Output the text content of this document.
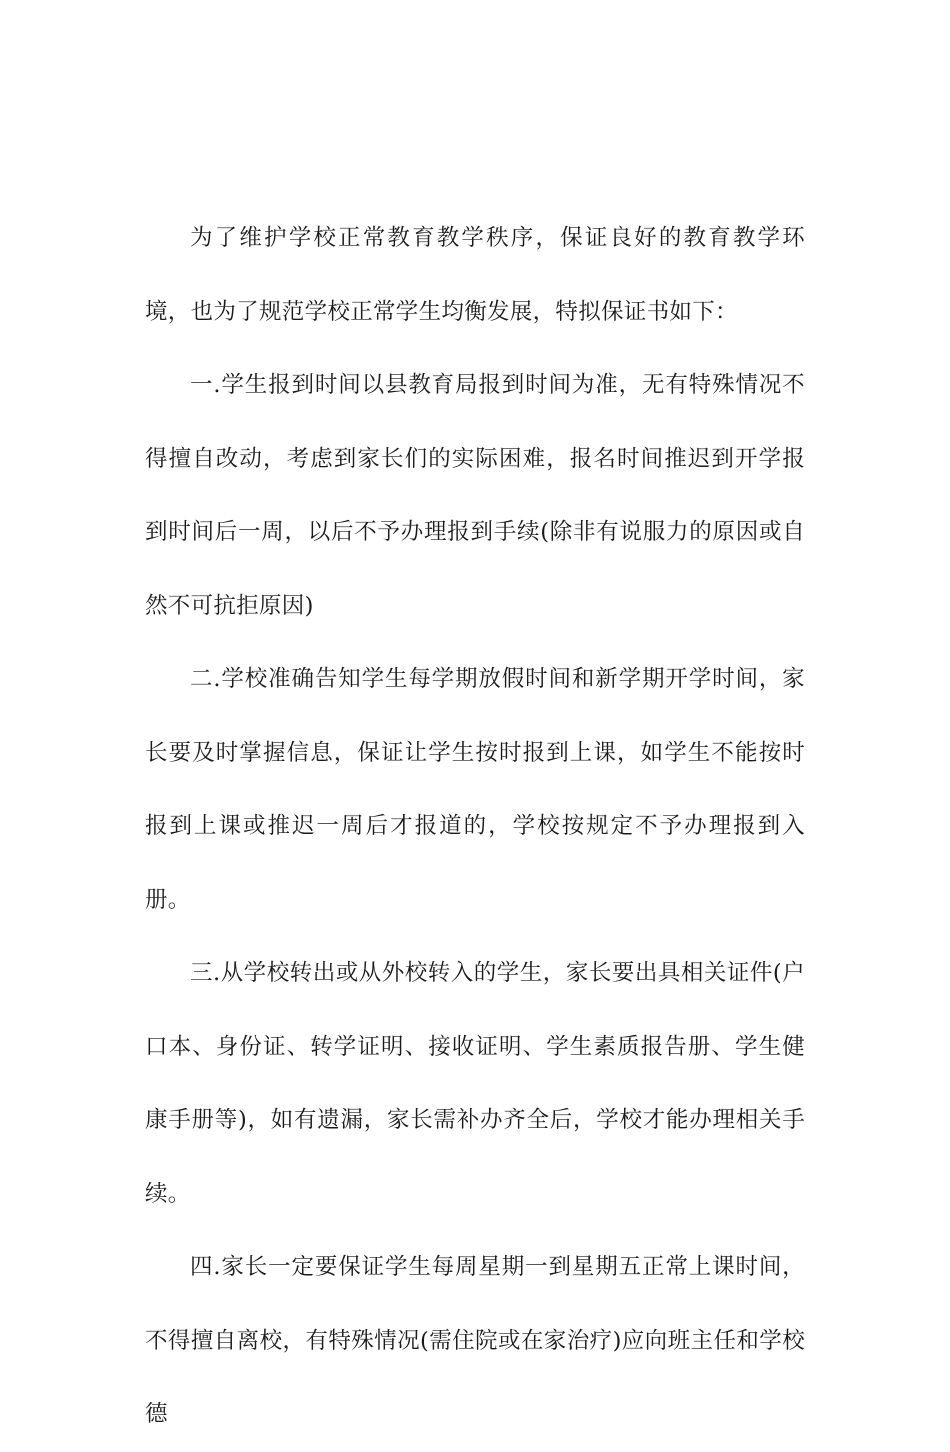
为了维护学校正常教育教学秩序，保证良好的教育教学环境，也为了规范学校正常学生均衡发展，特拟保证书如下：

一.学生报到时间以县教育局报到时间为准，无有特殊情况不得擅自改动，考虑到家长们的实际困难，报名时间推迟到开学报到时间后一周，以后不予办理报到手续(除非有说服力的原因或自然不可抗拒原因)

二.学校准确告知学生每学期放假时间和新学期开学时间，家长要及时掌握信息，保证让学生按时报到上课，如学生不能按时报到上课或推迟一周后才报道的，学校按规定不予办理报到入册。

三.从学校转出或从外校转入的学生，家长要出具相关证件(户口本、身份证、转学证明、接收证明、学生素质报告册、学生健康手册等)，如有遗漏，家长需补办齐全后，学校才能办理相关手续。

四.家长一定要保证学生每周星期一到星期五正常上课时间，不得擅自离校，有特殊情况(需住院或在家治疗)应向班主任和学校德
